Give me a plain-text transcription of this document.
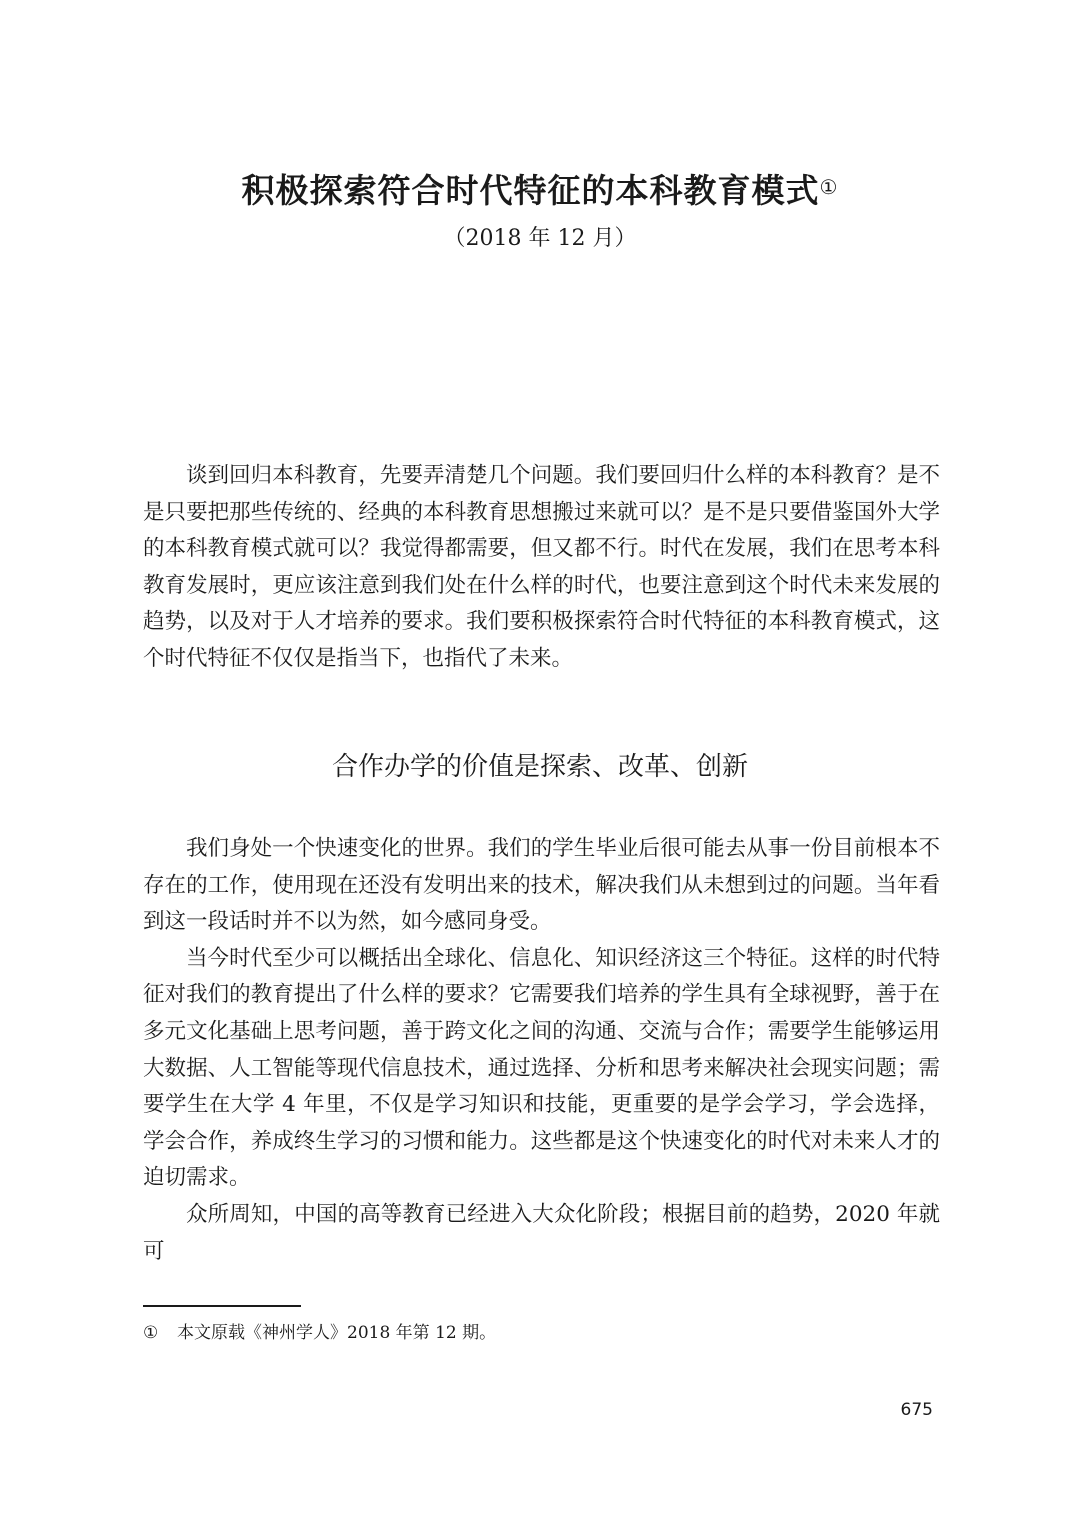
积极探索符合时代特征的本科教育模式①
（2018 年 12 月）

谈到回归本科教育，先要弄清楚几个问题。我们要回归什么样的本科教育？是不是只要把那些传统的、经典的本科教育思想搬过来就可以？是不是只要借鉴国外大学的本科教育模式就可以？我觉得都需要，但又都不行。时代在发展，我们在思考本科教育发展时，更应该注意到我们处在什么样的时代，也要注意到这个时代未来发展的趋势，以及对于人才培养的要求。我们要积极探索符合时代特征的本科教育模式，这个时代特征不仅仅是指当下，也指代了未来。

合作办学的价值是探索、改革、创新

我们身处一个快速变化的世界。我们的学生毕业后很可能去从事一份目前根本不存在的工作，使用现在还没有发明出来的技术，解决我们从未想到过的问题。当年看到这一段话时并不以为然，如今感同身受。

当今时代至少可以概括出全球化、信息化、知识经济这三个特征。这样的时代特征对我们的教育提出了什么样的要求？它需要我们培养的学生具有全球视野，善于在多元文化基础上思考问题，善于跨文化之间的沟通、交流与合作；需要学生能够运用大数据、人工智能等现代信息技术，通过选择、分析和思考来解决社会现实问题；需要学生在大学 4 年里，不仅是学习知识和技能，更重要的是学会学习，学会选择，学会合作，养成终生学习的习惯和能力。这些都是这个快速变化的时代对未来人才的迫切需求。

众所周知，中国的高等教育已经进入大众化阶段；根据目前的趋势，2020 年就可

① 本文原载《神州学人》2018 年第 12 期。
675
